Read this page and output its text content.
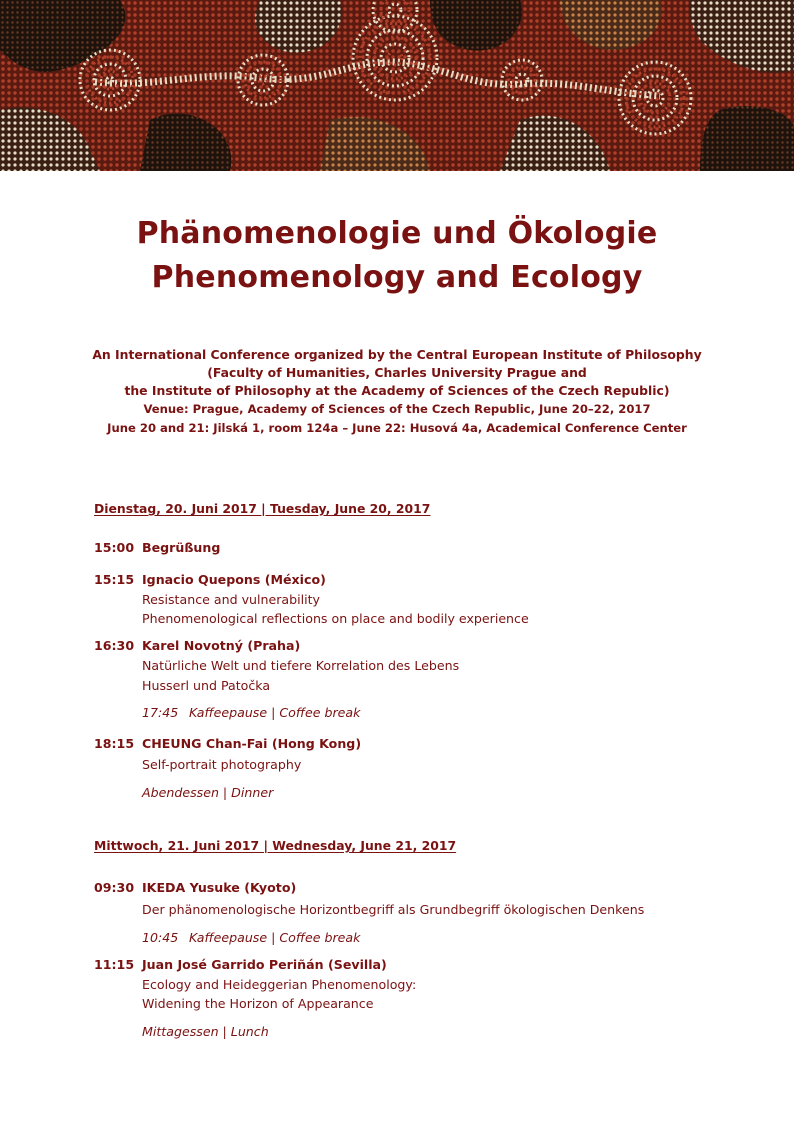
Phänomenologie und Ökologie
Phenomenology and Ecology
An International Conference organized by the Central European Institute of Philosophy
(Faculty of Humanities, Charles University Prague and
the Institute of Philosophy at the Academy of Sciences of the Czech Republic)
Venue: Prague, Academy of Sciences of the Czech Republic, June 20–22, 2017
June 20 and 21: Jilská 1, room 124a – June 22: Husová 4a, Academical Conference Center
Dienstag, 20. Juni 2017 | Tuesday, June 20, 2017
15:00 Begrüßung
15:15 Ignacio Quepons (México)
Resistance and vulnerability
Phenomenological reflections on place and bodily experience
16:30 Karel Novotný (Praha)
Natürliche Welt und tiefere Korrelation des Lebens
Husserl und Patočka
17:45 Kaffeepause | Coffee break
18:15 CHEUNG Chan-Fai (Hong Kong)
Self-portrait photography
Abendessen | Dinner
Mittwoch, 21. Juni 2017 | Wednesday, June 21, 2017
09:30 IKEDA Yusuke (Kyoto)
Der phänomenologische Horizontbegriff als Grundbegriff ökologischen Denkens
10:45 Kaffeepause | Coffee break
11:15 Juan José Garrido Periñán (Sevilla)
Ecology and Heideggerian Phenomenology:
Widening the Horizon of Appearance
Mittagessen | Lunch
